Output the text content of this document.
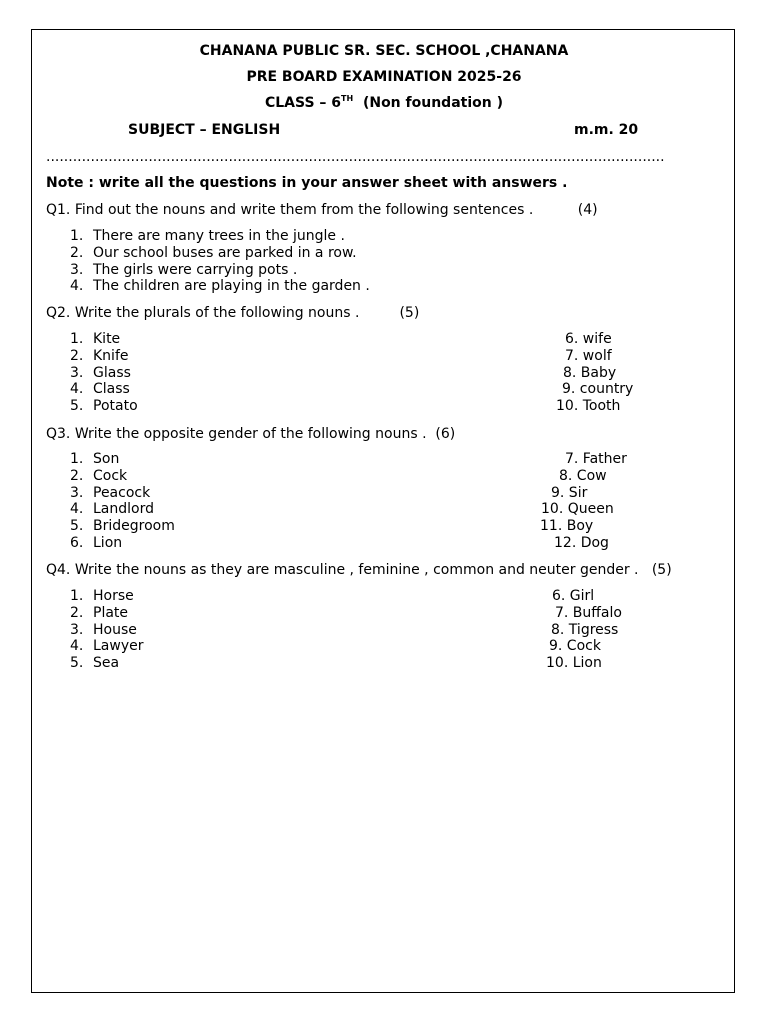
CHANANA PUBLIC SR. SEC. SCHOOL ,CHANANA
PRE BOARD EXAMINATION 2025-26
CLASS – 6TH  (Non foundation )
SUBJECT – ENGLISH	m.m. 20
...........................................................................................................................................
Note : write all the questions in your answer sheet with answers .
Q1. Find out the nouns and write them from the following sentences .          (4)
1. There are many trees in the jungle .
2. Our school buses are parked in a row.
3. The girls were carrying pots .
4. The children are playing in the garden .
Q2. Write the plurals of the following nouns .         (5)
1. Kite
2. Knife
3. Glass
4. Class
5. Potato
6. wife
7. wolf
8. Baby
9. country
10. Tooth
Q3. Write the opposite gender of the following nouns .  (6)
1. Son
2. Cock
3. Peacock
4. Landlord
5. Bridegroom
6. Lion
7. Father
8. Cow
9. Sir
10. Queen
11. Boy
12. Dog
Q4. Write the nouns as they are masculine , feminine , common and neuter gender .   (5)
1. Horse
2. Plate
3. House
4. Lawyer
5. Sea
6. Girl
7. Buffalo
8. Tigress
9. Cock
10. Lion
